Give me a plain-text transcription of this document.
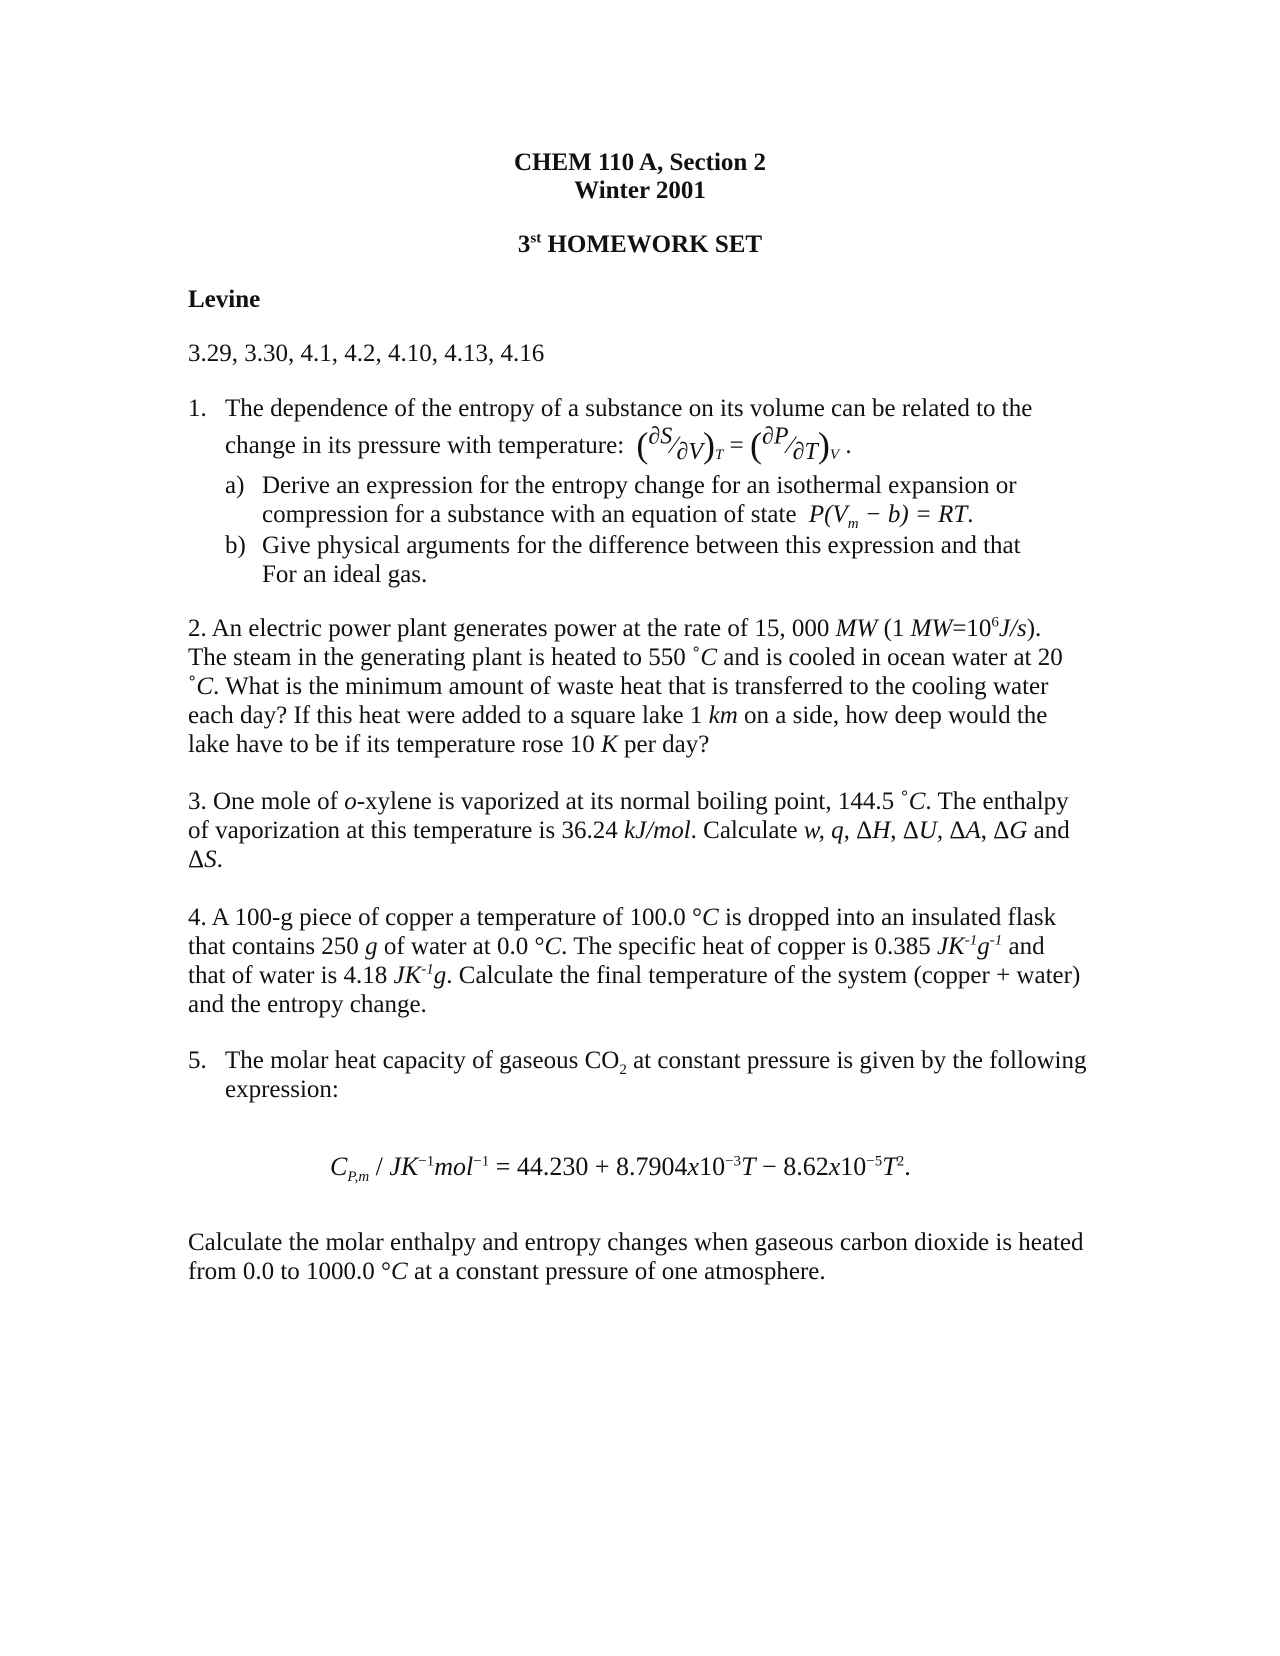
CHEM 110 A, Section 2
Winter 2001
3st HOMEWORK SET
Levine
3.29, 3.30, 4.1, 4.2, 4.10, 4.13, 4.16
1. The dependence of the entropy of a substance on its volume can be related to the
change in its pressure with temperature: $(^{\partial S}⁄_{\partial V})_T$ = $(^{\partial P}⁄_{\partial T})_V$ .
a) Derive an expression for the entropy change for an isothermal expansion or
compression for a substance with an equation of state $P(V_m - b)$ = RT.
b) Give physical arguments for the difference between this expression and that
For an ideal gas.
2. An electric power plant generates power at the rate of 15, 000 MW (1 $MW=10^6J/s$).
The steam in the generating plant is heated to 550 ˚C and is cooled in ocean water at 20
˚C. What is the minimum amount of waste heat that is transferred to the cooling water
each day? If this heat were added to a square lake 1 km on a side, how deep would the
lake have to be if its temperature rose 10 K per day?
3. One mole of o-xylene is vaporized at its normal boiling point, 144.5 ˚C. The enthalpy
of vaporization at this temperature is 36.24 kJ/mol. Calculate w, q, ΔH, ΔU, ΔA, ΔG and
ΔS.
4. A 100-g piece of copper a temperature of 100.0 °C is dropped into an insulated flask
that contains 250 g of water at 0.0 °C. The specific heat of copper is 0.385 $JK^{-1}g^{-1}$ and
that of water is 4.18 $JK^{-1}g$. Calculate the final temperature of the system (copper + water)
and the entropy change.
5. The molar heat capacity of gaseous $CO_2$ at constant pressure is given by the following
expression:
$C_{P,m} / JK^{-1}mol^{-1} = 44.230 + 8.7904x10^{-3}T - 8.62x10^{-5}T^2$.
Calculate the molar enthalpy and entropy changes when gaseous carbon dioxide is heated
from 0.0 to 1000.0 °C at a constant pressure of one atmosphere.
